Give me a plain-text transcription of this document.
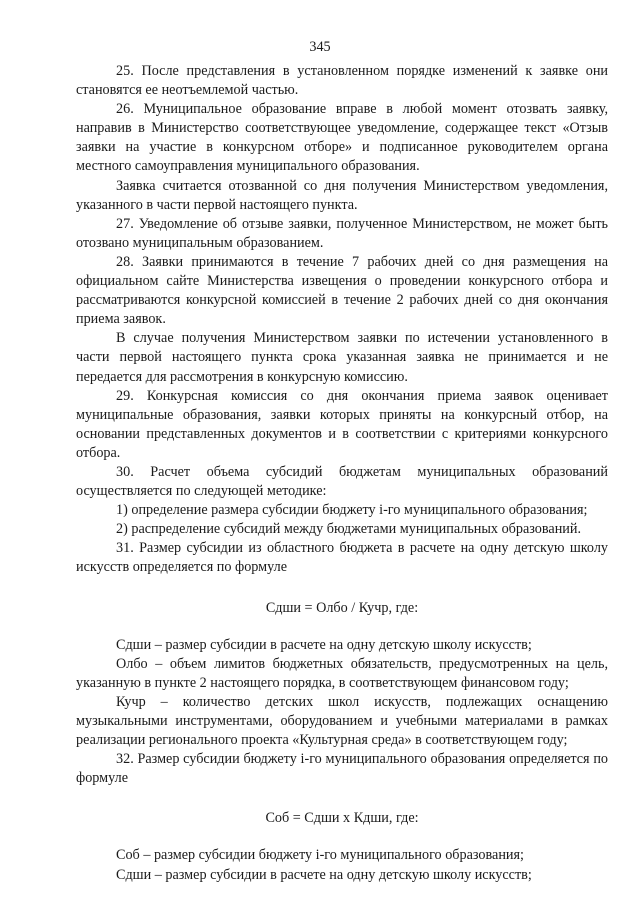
345

25. После представления в установленном порядке изменений к заявке они становятся ее неотъемлемой частью.

26. Муниципальное образование вправе в любой момент отозвать заявку, направив в Министерство соответствующее уведомление, содержащее текст «Отзыв заявки на участие в конкурсном отборе» и подписанное руководителем органа местного самоуправления муниципального образования.

Заявка считается отозванной со дня получения Министерством уведомления, указанного в части первой настоящего пункта.

27. Уведомление об отзыве заявки, полученное Министерством, не может быть отозвано муниципальным образованием.

28. Заявки принимаются в течение 7 рабочих дней со дня размещения на официальном сайте Министерства извещения о проведении конкурсного отбора и рассматриваются конкурсной комиссией в течение 2 рабочих дней со дня окончания приема заявок.

В случае получения Министерством заявки по истечении установленного в части первой настоящего пункта срока указанная заявка не принимается и не передается для рассмотрения в конкурсную комиссию.

29. Конкурсная комиссия со дня окончания приема заявок оценивает муниципальные образования, заявки которых приняты на конкурсный отбор, на основании представленных документов и в соответствии с критериями конкурсного отбора.

30. Расчет объема субсидий бюджетам муниципальных образований осуществляется по следующей методике:

1) определение размера субсидии бюджету i-го муниципального образования;

2) распределение субсидий между бюджетами муниципальных образований.

31. Размер субсидии из областного бюджета в расчете на одну детскую школу искусств определяется по формуле

Сдши = Олбо / Кучр, где:

Сдши – размер субсидии в расчете на одну детскую школу искусств;

Олбо – объем лимитов бюджетных обязательств, предусмотренных на цель, указанную в пункте 2 настоящего порядка, в соответствующем финансовом году;

Кучр – количество детских школ искусств, подлежащих оснащению музыкальными инструментами, оборудованием и учебными материалами в рамках реализации регионального проекта «Культурная среда» в соответствующем году;

32. Размер субсидии бюджету i-го муниципального образования определяется по формуле

Соб = Сдши х Кдши, где:

Соб – размер субсидии бюджету i-го муниципального образования;

Сдши – размер субсидии в расчете на одну детскую школу искусств;
